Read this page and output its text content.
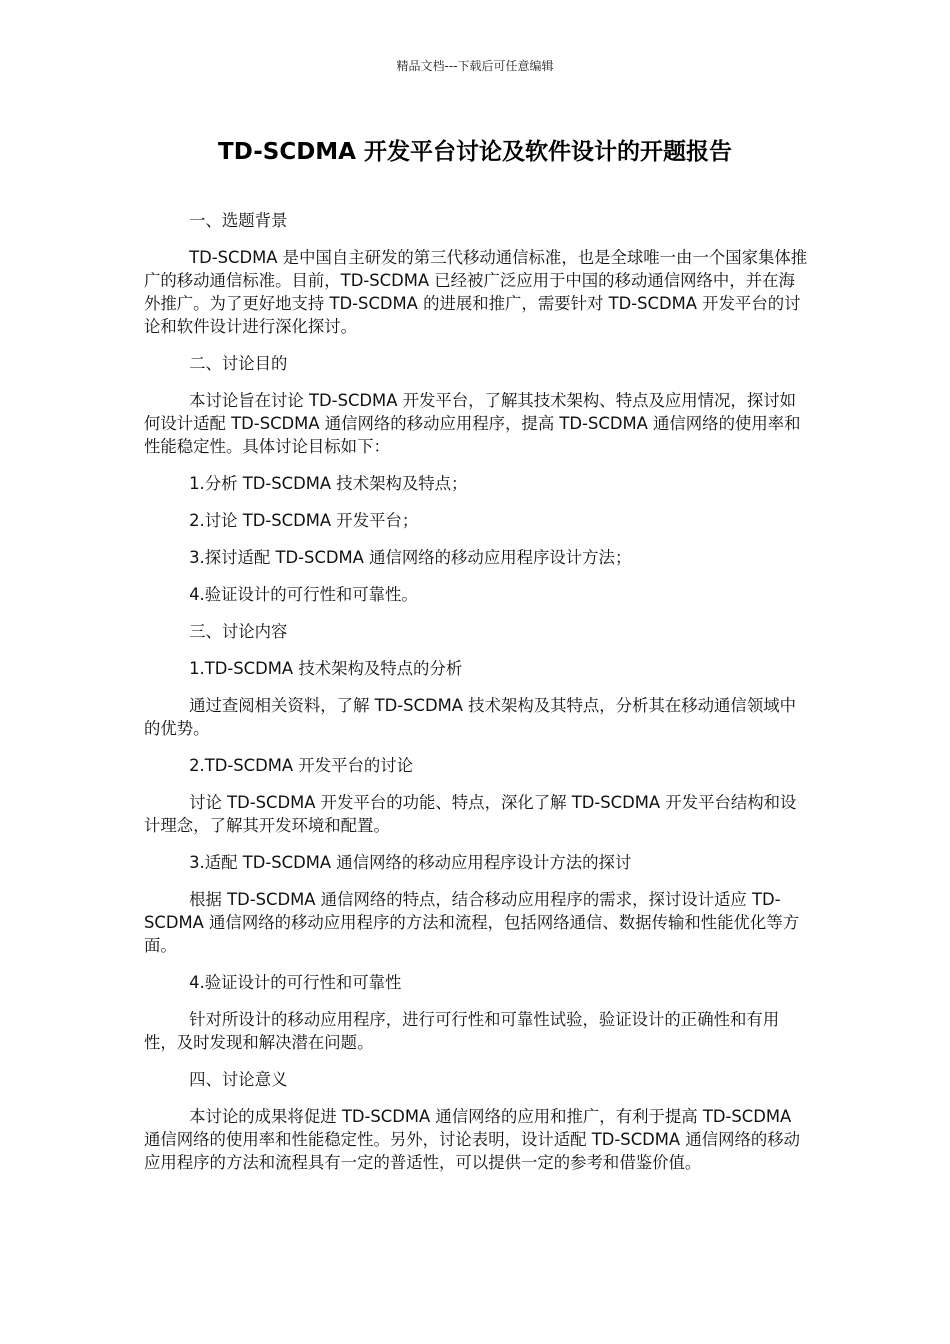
精品文档---下载后可任意编辑
TD-SCDMA 开发平台讨论及软件设计的开题报告

一、选题背景

TD-SCDMA 是中国自主研发的第三代移动通信标准，也是全球唯一由一个国家集体推广的移动通信标准。目前，TD-SCDMA 已经被广泛应用于中国的移动通信网络中，并在海外推广。为了更好地支持 TD-SCDMA 的进展和推广，需要针对 TD-SCDMA 开发平台的讨论和软件设计进行深化探讨。

二、讨论目的

本讨论旨在讨论 TD-SCDMA 开发平台，了解其技术架构、特点及应用情况，探讨如何设计适配 TD-SCDMA 通信网络的移动应用程序，提高 TD-SCDMA 通信网络的使用率和性能稳定性。具体讨论目标如下：

1.分析 TD-SCDMA 技术架构及特点；

2.讨论 TD-SCDMA 开发平台；

3.探讨适配 TD-SCDMA 通信网络的移动应用程序设计方法；

4.验证设计的可行性和可靠性。

三、讨论内容

1.TD-SCDMA 技术架构及特点的分析

通过查阅相关资料，了解 TD-SCDMA 技术架构及其特点，分析其在移动通信领域中的优势。

2.TD-SCDMA 开发平台的讨论

讨论 TD-SCDMA 开发平台的功能、特点，深化了解 TD-SCDMA 开发平台结构和设计理念，了解其开发环境和配置。

3.适配 TD-SCDMA 通信网络的移动应用程序设计方法的探讨

根据 TD-SCDMA 通信网络的特点，结合移动应用程序的需求，探讨设计适应 TD-SCDMA 通信网络的移动应用程序的方法和流程，包括网络通信、数据传输和性能优化等方面。

4.验证设计的可行性和可靠性

针对所设计的移动应用程序，进行可行性和可靠性试验，验证设计的正确性和有用性，及时发现和解决潜在问题。

四、讨论意义

本讨论的成果将促进 TD-SCDMA 通信网络的应用和推广，有利于提高 TD-SCDMA 通信网络的使用率和性能稳定性。另外，讨论表明，设计适配 TD-SCDMA 通信网络的移动应用程序的方法和流程具有一定的普适性，可以提供一定的参考和借鉴价值。
